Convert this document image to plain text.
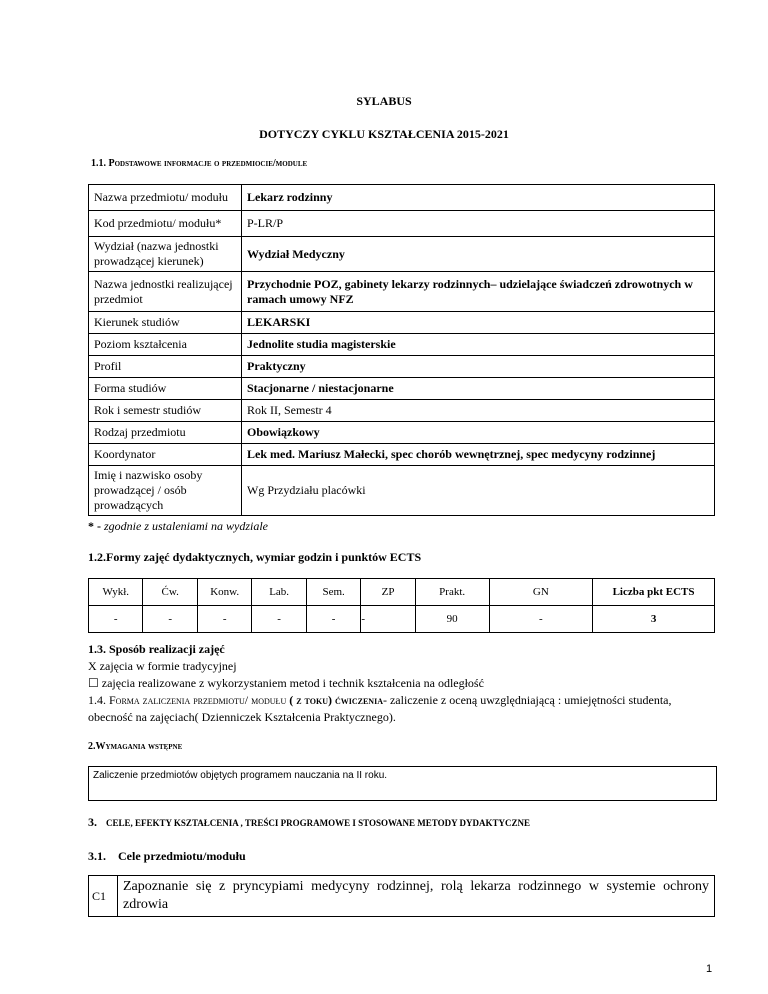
SYLABUS
DOTYCZY CYKLU KSZTAŁCENIA 2015-2021
1.1. Podstawowe informacje o przedmiocie/module
Nazwa przedmiotu/ modułu	Lekarz rodzinny
Kod przedmiotu/ modułu*	P-LR/P
Wydział (nazwa jednostki prowadzącej kierunek)	Wydział Medyczny
Nazwa jednostki realizującej przedmiot	Przychodnie POZ, gabinety lekarzy rodzinnych– udzielające świadczeń zdrowotnych w ramach umowy NFZ
Kierunek studiów	LEKARSKI
Poziom kształcenia	Jednolite studia magisterskie
Profil	Praktyczny
Forma studiów	Stacjonarne / niestacjonarne
Rok i semestr studiów	Rok II, Semestr 4
Rodzaj przedmiotu	Obowiązkowy
Koordynator	Lek med. Mariusz Małecki, spec chorób wewnętrznej, spec medycyny rodzinnej
Imię i nazwisko osoby prowadzącej / osób prowadzących	Wg Przydziału placówki
* - zgodnie z ustaleniami na wydziale
1.2.Formy zajęć dydaktycznych, wymiar godzin i punktów ECTS
Wykł.	Ćw.	Konw.	Lab.	Sem.	ZP	Prakt.	GN	Liczba pkt ECTS
-	-	-	-	-	-	90	-	3
1.3. Sposób realizacji zajęć
X zajęcia w formie tradycyjnej
☐ zajęcia realizowane z wykorzystaniem metod i technik kształcenia na odległość
1.4. Forma zaliczenia przedmiotu/ modułu ( z toku) ćwiczenia- zaliczenie z oceną uwzględniającą : umiejętności studenta, obecność na zajęciach( Dzienniczek Kształcenia Praktycznego).
2.Wymagania wstępne
Zaliczenie przedmiotów objętych programem nauczania na II roku.
3. CELE, EFEKTY KSZTAŁCENIA , TREŚCI PROGRAMOWE I STOSOWANE METODY DYDAKTYCZNE
3.1. Cele przedmiotu/modułu
C1	Zapoznanie się z pryncypiami medycyny rodzinnej, rolą lekarza rodzinnego w systemie ochrony zdrowia
1
